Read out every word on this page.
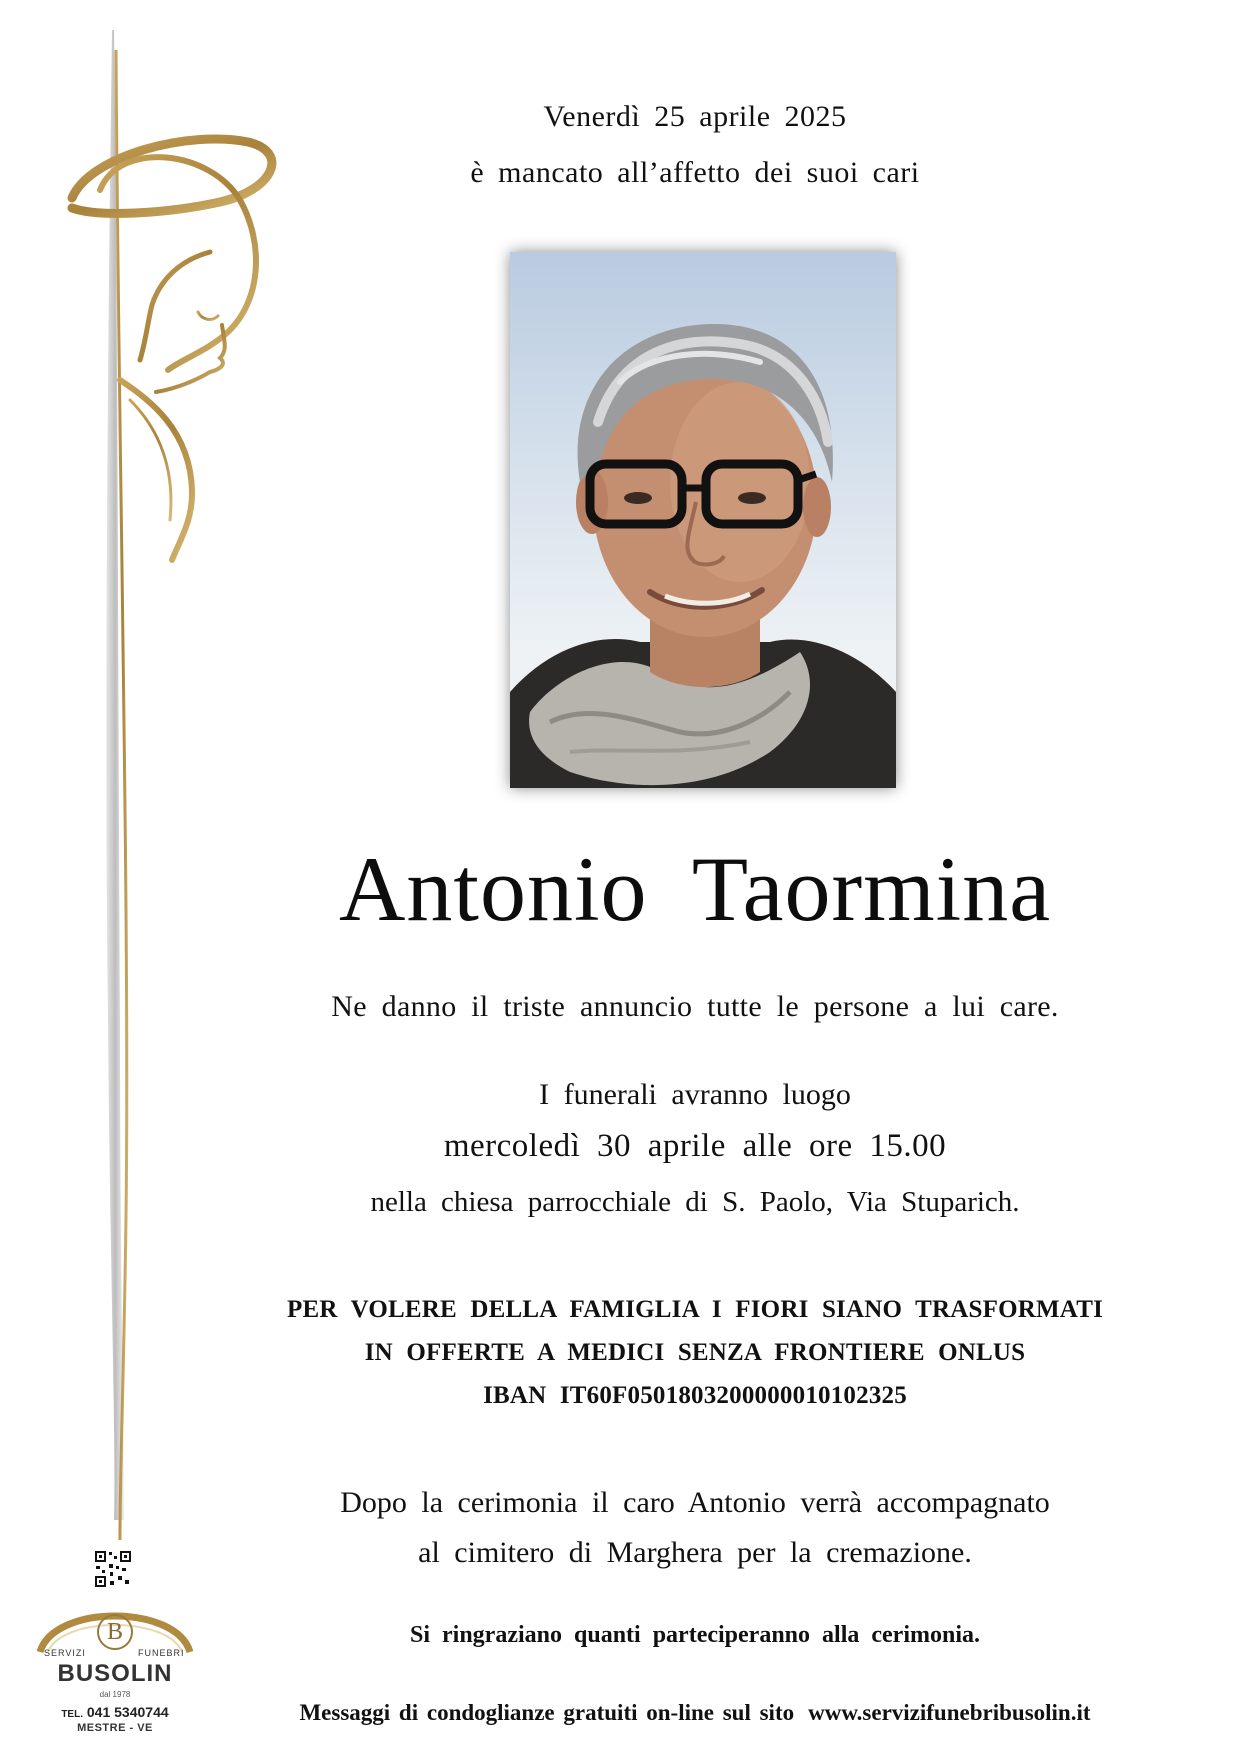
Venerdì 25 aprile 2025
è mancato all’affetto dei suoi cari
Antonio Taormina
Ne danno il triste annuncio tutte le persone a lui care.
I funerali avranno luogo
mercoledì 30 aprile alle ore 15.00
nella chiesa parrocchiale di S. Paolo, Via Stuparich.
PER VOLERE DELLA FAMIGLIA I FIORI SIANO TRASFORMATI
IN OFFERTE A MEDICI SENZA FRONTIERE ONLUS
IBAN IT60F0501803200000010102325
Dopo la cerimonia il caro Antonio verrà accompagnato
al cimitero di Marghera per la cremazione.
Si ringraziano quanti parteciperanno alla cerimonia.
Messaggi di condoglianze gratuiti on-line sul sito www.servizifunebribusolin.it
B
SERVIZI	FUNEBRI
BUSOLIN
dal 1978
TEL. 041 5340744
MESTRE - VE
